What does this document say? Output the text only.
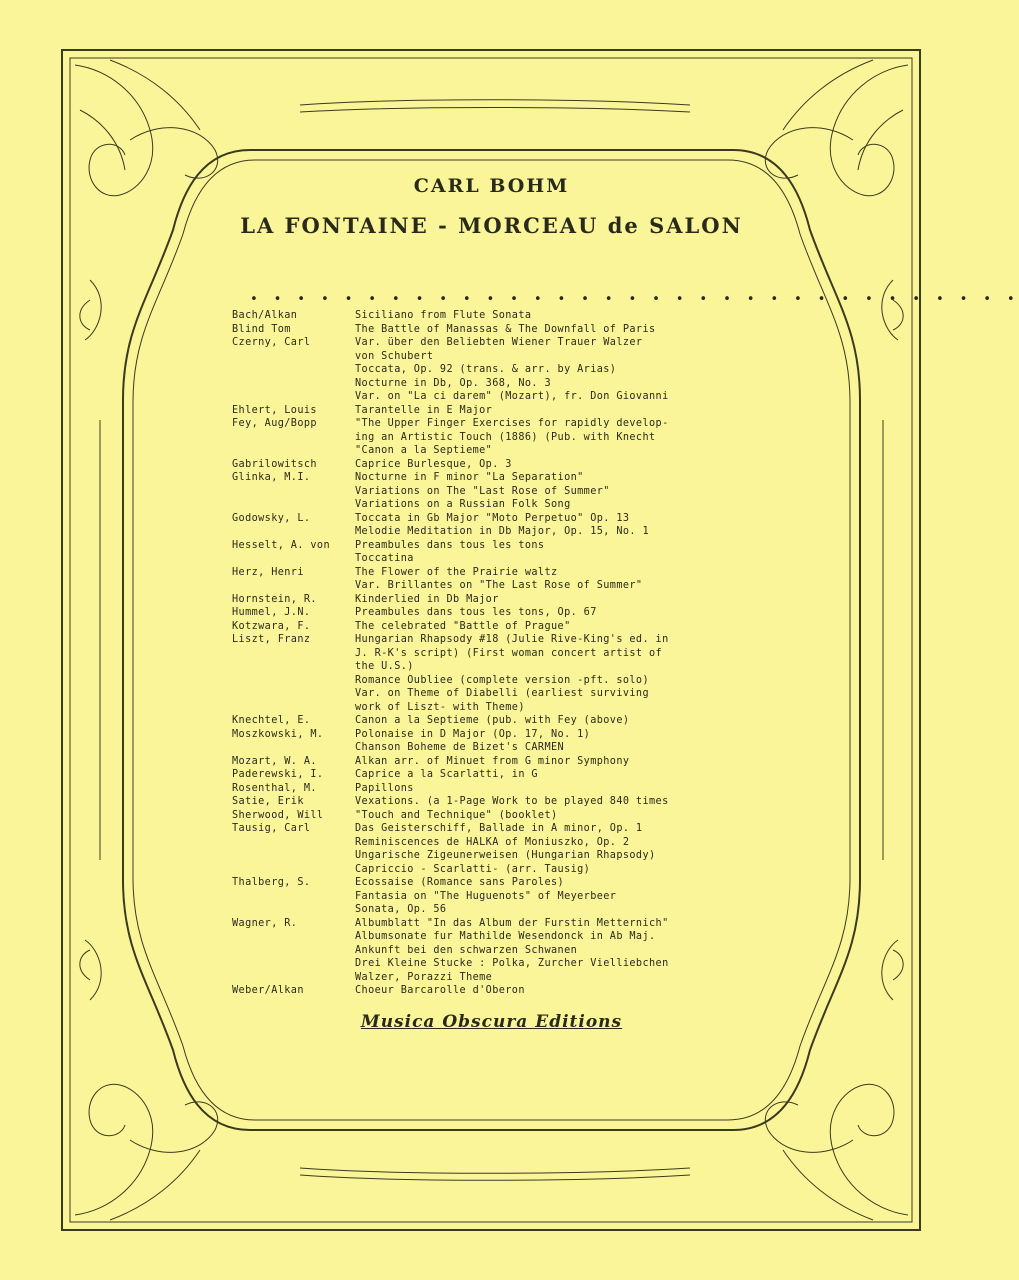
CARL BOHM
LA FONTAINE - MORCEAU de SALON
• • • • • • • • • • • • • • • • • • • • • • • • • • • • • • • • •
Bach/Alkan	Siciliano from Flute Sonata
Blind Tom	The Battle of Manassas & The Downfall of Paris
Czerny, Carl	Var. über den Beliebten Wiener Trauer Walzer
von Schubert
Toccata, Op. 92 (trans. & arr. by Arias)
Nocturne in Db, Op. 368, No. 3
Var. on "La ci darem" (Mozart), fr. Don Giovanni
Ehlert, Louis	Tarantelle in E Major
Fey, Aug/Bopp	"The Upper Finger Exercises for rapidly develop-
ing an Artistic Touch (1886) (Pub. with Knecht
"Canon a la Septieme"
Gabrilowitsch	Caprice Burlesque, Op. 3
Glinka, M.I.	Nocturne in F minor "La Separation"
Variations on The "Last Rose of Summer"
Variations on a Russian Folk Song
Godowsky, L.	Toccata in Gb Major "Moto Perpetuo" Op. 13
Melodie Meditation in Db Major, Op. 15, No. 1
Hesselt, A. von	Preambules dans tous les tons
Toccatina
Herz, Henri	The Flower of the Prairie waltz
Var. Brillantes on "The Last Rose of Summer"
Hornstein, R.	Kinderlied in Db Major
Hummel, J.N.	Preambules dans tous les tons, Op. 67
Kotzwara, F.	The celebrated "Battle of Prague"
Liszt, Franz	Hungarian Rhapsody #18 (Julie Rive-King's ed. in
J. R-K's script) (First woman concert artist of
the U.S.)
Romance Oubliee (complete version -pft. solo)
Var. on Theme of Diabelli (earliest surviving
work of Liszt- with Theme)
Knechtel, E.	Canon a la Septieme (pub. with Fey (above)
Moszkowski, M.	Polonaise in D Major (Op. 17, No. 1)
Chanson Boheme de Bizet's CARMEN
Mozart, W. A.	Alkan arr. of Minuet from G minor Symphony
Paderewski, I.	Caprice a la Scarlatti, in G
Rosenthal, M.	Papillons
Satie, Erik	Vexations. (a 1-Page Work to be played 840 times
Sherwood, Will	"Touch and Technique" (booklet)
Tausig, Carl	Das Geisterschiff, Ballade in A minor, Op. 1
Reminiscences de HALKA of Moniuszko, Op. 2
Ungarische Zigeunerweisen (Hungarian Rhapsody)
Capriccio - Scarlatti- (arr. Tausig)
Thalberg, S.	Ecossaise (Romance sans Paroles)
Fantasia on "The Huguenots" of Meyerbeer
Sonata, Op. 56
Wagner, R.	Albumblatt "In das Album der Furstin Metternich"
Albumsonate fur Mathilde Wesendonck in Ab Maj.
Ankunft bei den schwarzen Schwanen
Drei Kleine Stucke : Polka, Zurcher Vielliebchen
Walzer, Porazzi Theme
Weber/Alkan	Choeur Barcarolle d'Oberon
Musica Obscura Editions
